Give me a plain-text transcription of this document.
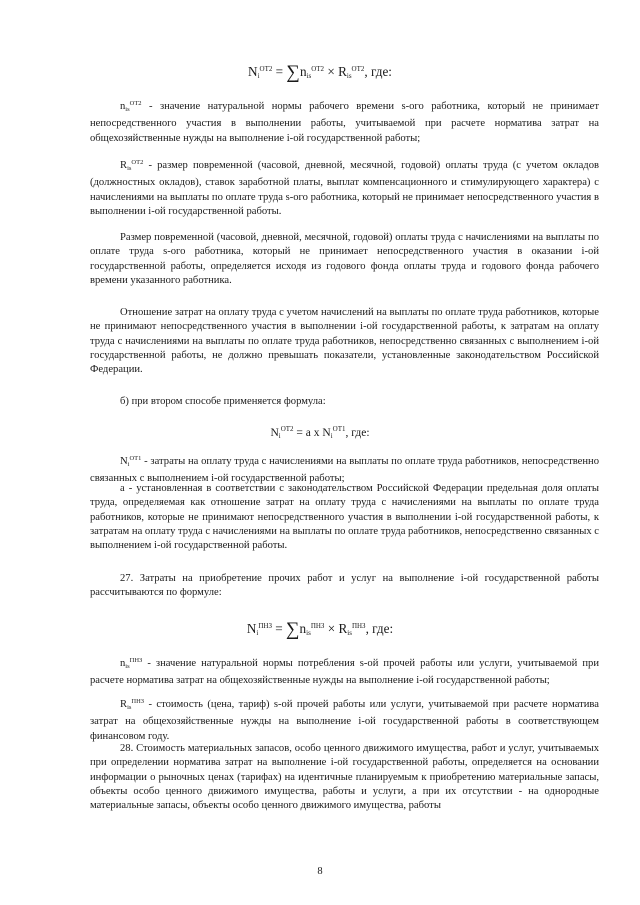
$N_i^{ОТ2} = \sum n_{is}^{ОТ2} \times R_{is}^{ОТ2}$, где:

$n_{is}^{ОТ2}$ - значение натуральной нормы рабочего времени s-ого работника, который не принимает непосредственного участия в выполнении работы, учитываемой при расчете норматива затрат на общехозяйственные нужды на выполнение i-ой государственной работы;

$R_{is}^{ОТ2}$ - размер повременной (часовой, дневной, месячной, годовой) оплаты труда (с учетом окладов (должностных окладов), ставок заработной платы, выплат компенсационного и стимулирующего характера) с начислениями на выплаты по оплате труда s-ого работника, который не принимает непосредственного участия в выполнении i-ой государственной работы.

Размер повременной (часовой, дневной, месячной, годовой) оплаты труда с начислениями на выплаты по оплате труда s-ого работника, который не принимает непосредственного участия в оказании i-ой государственной работы, определяется исходя из годового фонда оплаты труда и годового фонда рабочего времени указанного работника.

Отношение затрат на оплату труда с учетом начислений на выплаты по оплате труда работников, которые не принимают непосредственного участия в выполнении i-ой государственной работы, к затратам на оплату труда с начислениями на выплаты по оплате труда работников, непосредственно связанных с выполнением i-ой государственной работы, не должно превышать показатели, установленные законодательством Российской Федерации.

б) при втором способе применяется формула:

$N_i^{ОТ2} = a$ x $N_i^{ОТ1}$, где:

$N_i^{ОТ1}$ - затраты на оплату труда с начислениями на выплаты по оплате труда работников, непосредственно связанных с выполнением i-ой государственной работы;

а - установленная в соответствии с законодательством Российской Федерации предельная доля оплаты труда, определяемая как отношение затрат на оплату труда с начислениями на выплаты по оплате труда работников, которые не принимают непосредственного участия в выполнении i-ой государственной работы, к затратам на оплату труда с начислениями на выплаты по оплате труда работников, непосредственно связанных с выполнением i-ой государственной работы.

27. Затраты на приобретение прочих работ и услуг на выполнение i-ой государственной работы рассчитываются по формуле:

$N_i^{ПНЗ} = \sum n_{is}^{ПНЗ} \times R_{is}^{ПНЗ}$, где:

$n_{is}^{ПНЗ}$ - значение натуральной нормы потребления s-ой прочей работы или услуги, учитываемой при расчете норматива затрат на общехозяйственные нужды на выполнение i-ой государственной работы;

$R_{is}^{ПНЗ}$ - стоимость (цена, тариф) s-ой прочей работы или услуги, учитываемой при расчете норматива затрат на общехозяйственные нужды на выполнение i-ой государственной работы в соответствующем финансовом году.

28. Стоимость материальных запасов, особо ценного движимого имущества, работ и услуг, учитываемых при определении норматива затрат на выполнение i-ой государственной работы, определяется на основании информации о рыночных ценах (тарифах) на идентичные планируемым к приобретению материальные запасы, объекты особо ценного движимого имущества, работы и услуги, а при их отсутствии - на однородные материальные запасы, объекты особо ценного движимого имущества, работы

8
